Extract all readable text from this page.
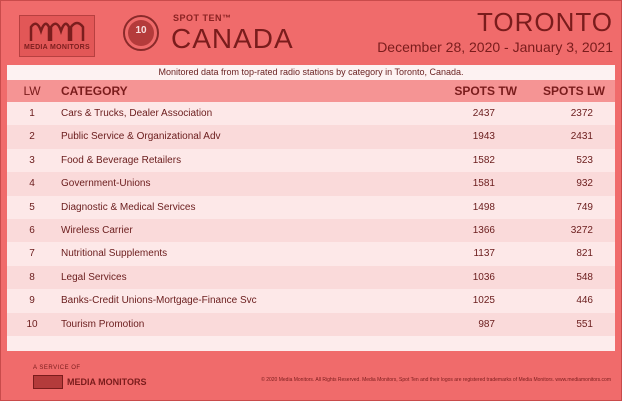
MEDIA MONITORS
10
SPOT TEN™
CANADA
TORONTO
December 28, 2020 - January 3, 2021
Monitored data from top-rated radio stations by category in Toronto, Canada.
LW	CATEGORY	SPOTS TW	SPOTS LW
1	Cars & Trucks, Dealer Association	2437	2372
2	Public Service & Organizational Adv	1943	2431
3	Food & Beverage Retailers	1582	523
4	Government-Unions	1581	932
5	Diagnostic & Medical Services	1498	749
6	Wireless Carrier	1366	3272
7	Nutritional Supplements	1137	821
8	Legal Services	1036	548
9	Banks-Credit Unions-Mortgage-Finance Svc	1025	446
10	Tourism Promotion	987	551
A SERVICE OF
MEDIA MONITORS	© 2020 Media Monitors. All Rights Reserved. Media Monitors, Spot Ten and their logos are registered trademarks of Media Monitors. www.mediamonitors.com
